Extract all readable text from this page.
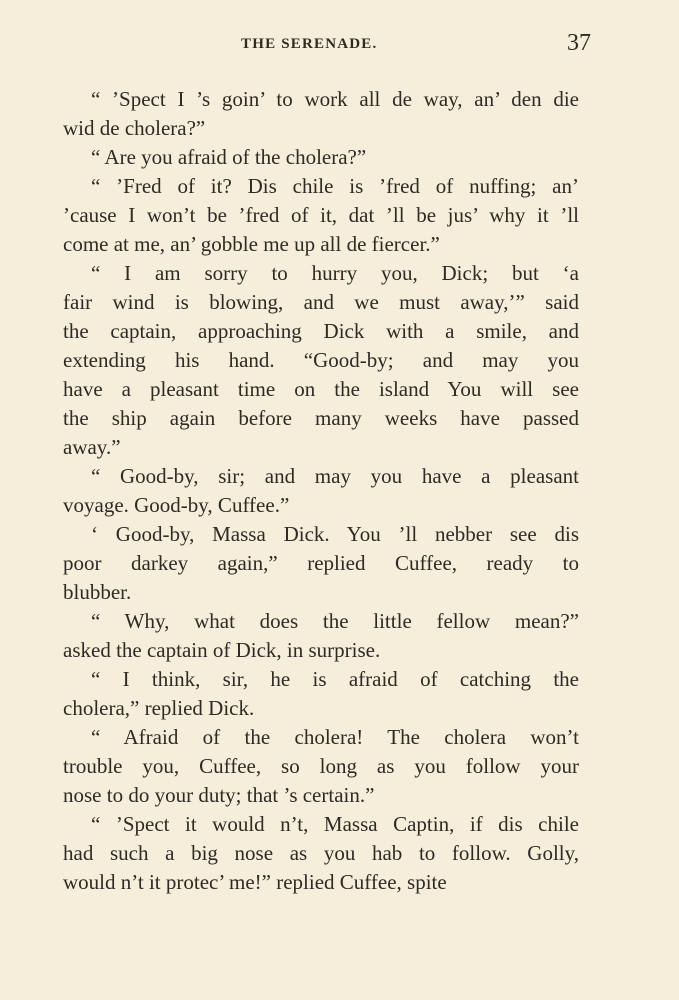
THE SERENADE.	37

“ ’Spect I ’s goin’ to work all de way, an’ den die
wid de cholera?”

“ Are you afraid of the cholera?”

“ ’Fred of it? Dis chile is ’fred of nuffing; an’
’cause I won’t be ’fred of it, dat ’ll be jus’ why it ’ll
come at me, an’ gobble me up all de fiercer.”

“ I am sorry to hurry you, Dick; but ‘a
fair wind is blowing, and we must away,’” said
the captain, approaching Dick with a smile, and
extending his hand. “Good-by; and may you
have a pleasant time on the island You will see
the ship again before many weeks have passed
away.”

“ Good-by, sir; and may you have a pleasant
voyage. Good-by, Cuffee.”

‘ Good-by, Massa Dick. You ’ll nebber see dis
poor darkey again,” replied Cuffee, ready to
blubber.

“ Why, what does the little fellow mean?”
asked the captain of Dick, in surprise.

“ I think, sir, he is afraid of catching the
cholera,” replied Dick.

“ Afraid of the cholera! The cholera won’t
trouble you, Cuffee, so long as you follow your
nose to do your duty; that ’s certain.”

“ ’Spect it would n’t, Massa Captin, if dis chile
had such a big nose as you hab to follow. Golly,
would n’t it protec’ me!” replied Cuffee, spite
